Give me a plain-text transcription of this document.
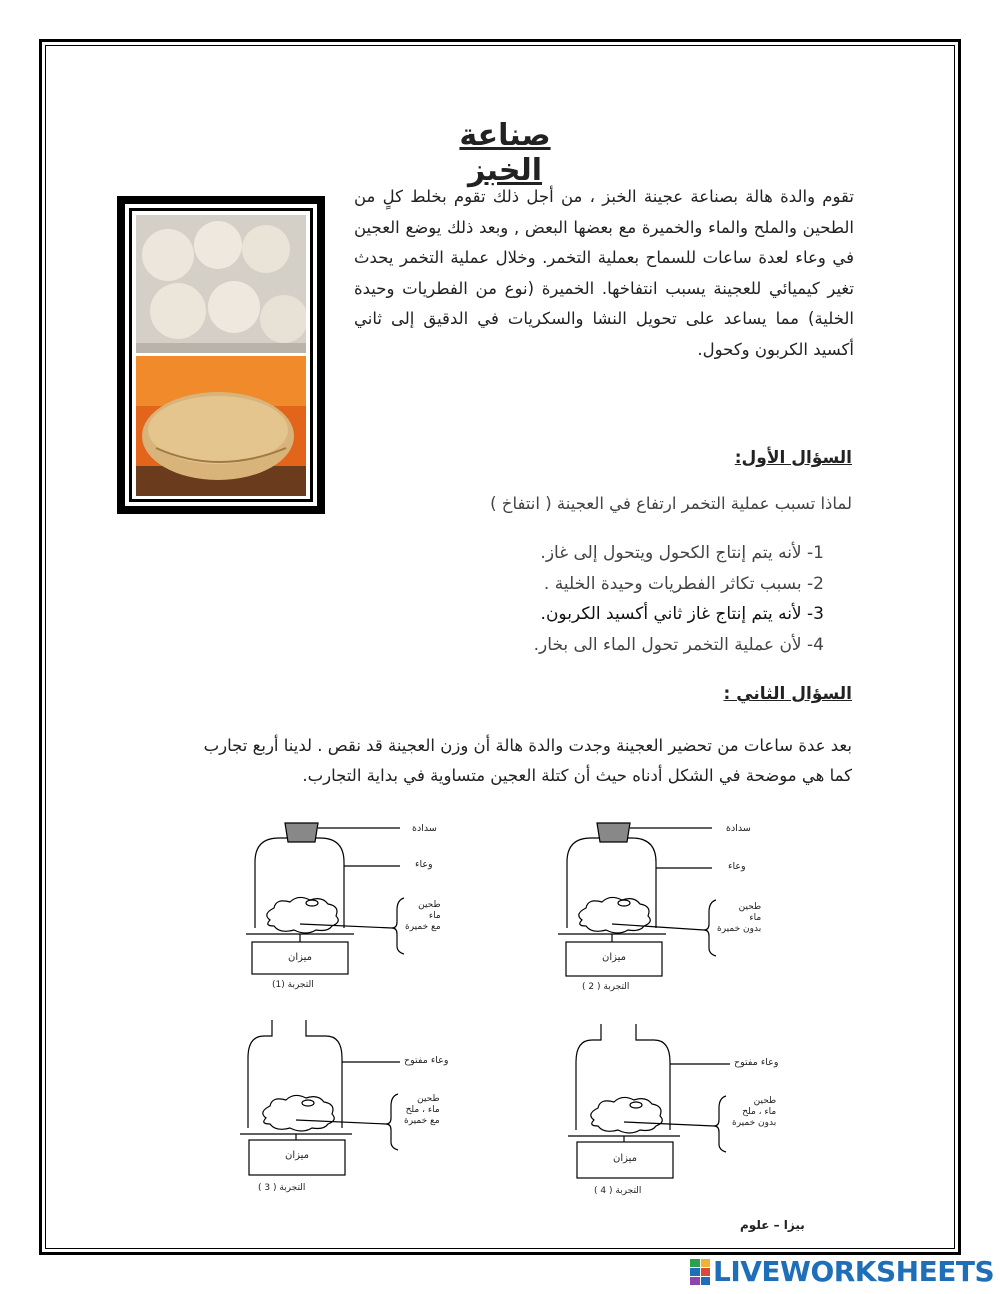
صناعة الخبز
تقوم والدة هالة بصناعة عجينة الخبز ، من أجل ذلك تقوم بخلط كلٍ من الطحين والملح والماء والخميرة مع بعضها البعض , وبعد ذلك يوضع العجين في وعاء لعدة ساعات للسماح بعملية التخمر. وخلال عملية التخمر يحدث تغير كيميائي للعجينة يسبب انتفاخها. الخميرة (نوع من الفطريات وحيدة الخلية) مما يساعد على تحويل النشا والسكريات في الدقيق إلى ثاني أكسيد الكربون وكحول.
السؤال الأول:
لماذا تسبب عملية التخمر ارتفاع في العجينة ( انتفاخ )
1- لأنه يتم إنتاج الكحول ويتحول إلى غاز.
2- بسبب تكاثر الفطريات وحيدة الخلية .
3- لأنه يتم إنتاج غاز ثاني أكسيد الكربون.
4- لأن عملية التخمر تحول الماء الى بخار.
السؤال الثاني :
بعد عدة ساعات من تحضير العجينة وجدت والدة هالة أن وزن العجينة قد نقص . لدينا أربع تجارب كما هي موضحة في الشكل أدناه حيث أن كتلة العجين متساوية في بداية التجارب.
سدادة
وعاء
طحين
ماء
مع خميرة
ميزان
التجربة (1)
سدادة
وعاء
طحين
ماء
بدون خميرة
ميزان
التجربة ( 2 )
وعاء مفتوح
طحين
ماء ، ملح
مع خميرة
ميزان
التجربة ( 3 )
وعاء مفتوح
طحين
ماء ، ملح
بدون خميرة
ميزان
التجربة ( 4 )
بيزا – علوم
LIVEWORKSHEETS
